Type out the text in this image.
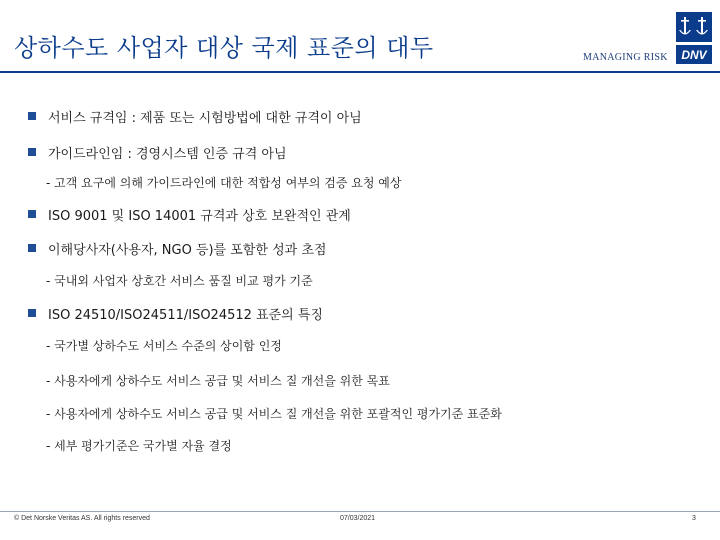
상하수도 사업자 대상 국제 표준의 대두	MANAGING RISK DNV
서비스 규격임 : 제품 또는 시험방법에 대한 규격이 아님
가이드라인임 : 경영시스템 인증 규격 아님
- 고객 요구에 의해 가이드라인에 대한 적합성 여부의 검증 요청 예상
ISO 9001 및 ISO 14001 규격과 상호 보완적인 관계
이해당사자(사용자, NGO 등)를 포함한 성과 초점
- 국내외 사업자 상호간 서비스 품질 비교 평가 기준
ISO 24510/ISO24511/ISO24512 표준의 특징
- 국가별 상하수도 서비스 수준의 상이함 인정
- 사용자에게 상하수도 서비스 공급 및 서비스 질 개선을 위한 목표
- 사용자에게 상하수도 서비스 공급 및 서비스 질 개선을 위한 포괄적인 평가기준 표준화
- 세부 평가기준은 국가별 자율 결정
© Det Norske Veritas AS. All rights reserved	07/03/2021	3
